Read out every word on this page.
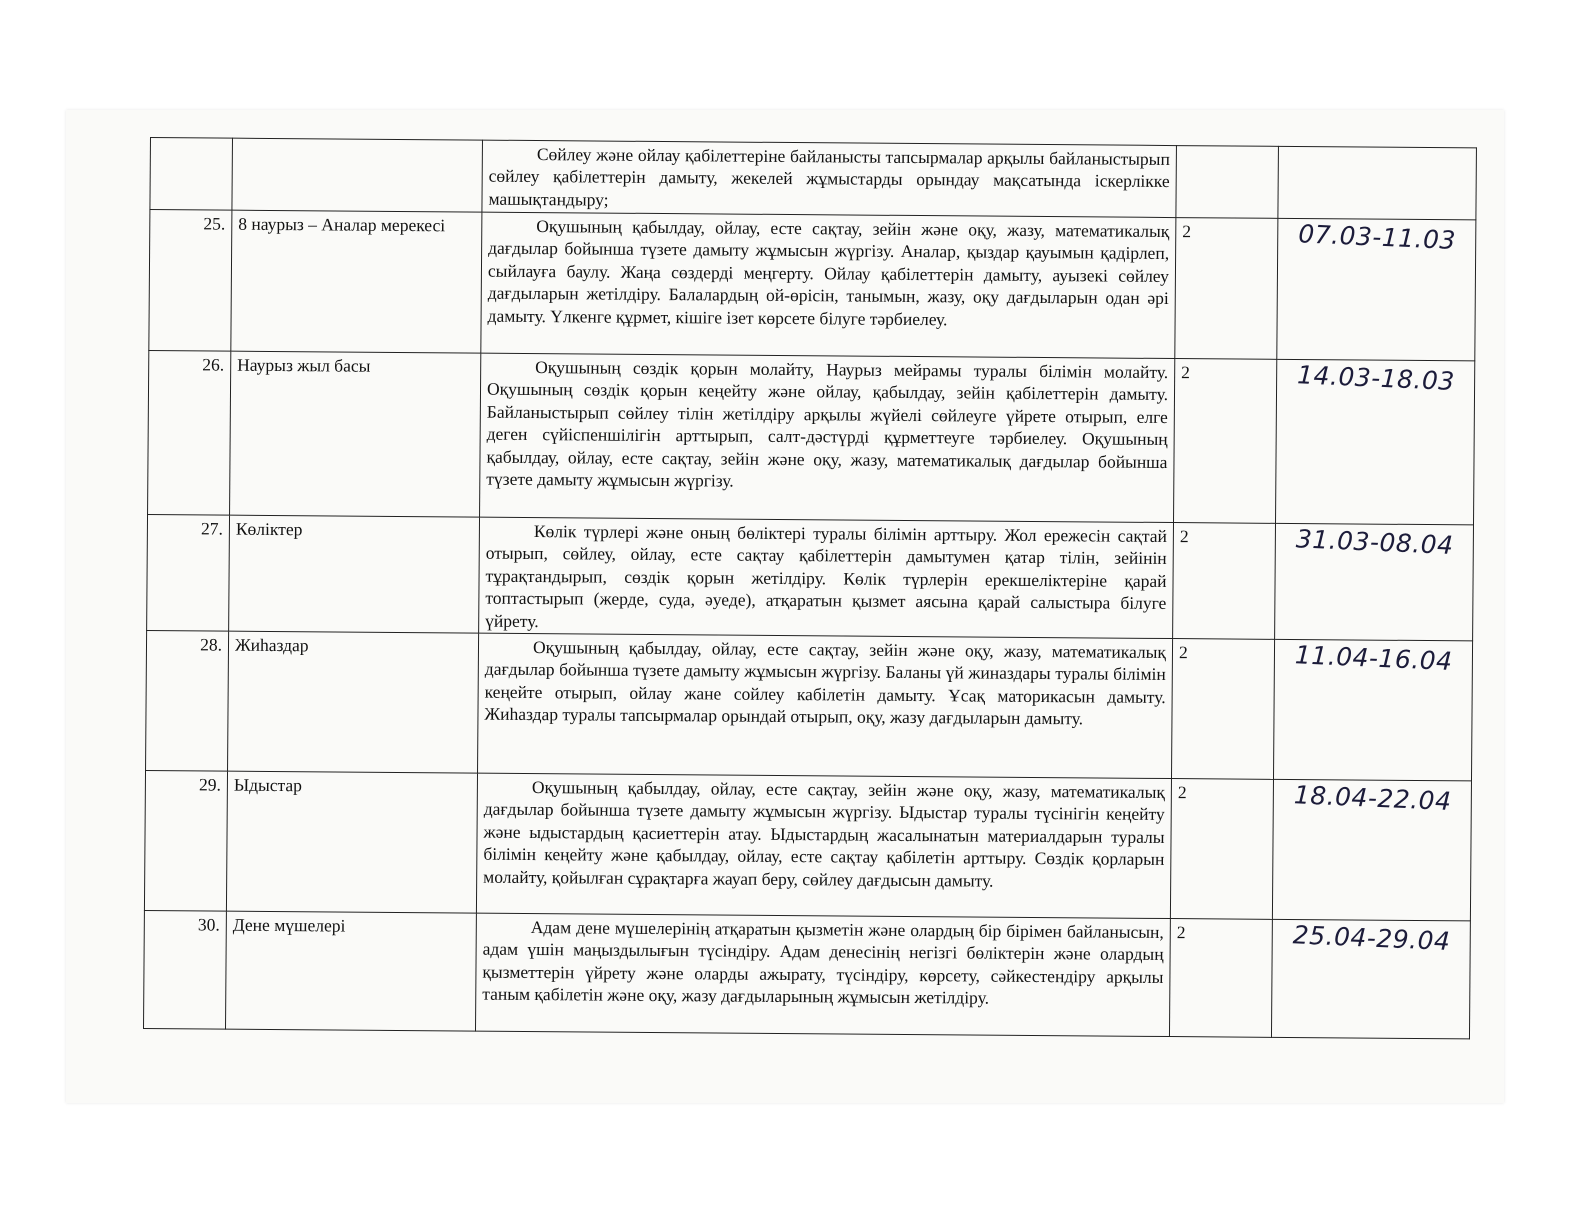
		Сөйлеу және ойлау қабілеттеріне байланысты тапсырмалар арқылы байланыстырып сөйлеу қабілеттерін дамыту, жекелей жұмыстарды орындау мақсатында іскерлікке машықтандыру;		
25.	8 наурыз – Аналар мерекесі	Оқушының қабылдау, ойлау, есте сақтау, зейін және оқу, жазу, математикалық дағдылар бойынша түзете дамыту жұмысын жүргізу. Аналар, қыздар қауымын қадірлеп, сыйлауға баулу. Жаңа сөздерді меңгерту. Ойлау қабілеттерін дамыту, ауызекі сөйлеу дағдыларын жетілдіру. Балалардың ой-өрісін, танымын, жазу, оқу дағдыларын одан әрі дамыту. Үлкенге құрмет, кішіге ізет көрсете білуге тәрбиелеу.	2	07.03-11.03
26.	Наурыз жыл басы	Оқушының сөздік қорын молайту, Наурыз мейрамы туралы білімін молайту. Оқушының сөздік қорын кеңейту және ойлау, қабылдау, зейін қабілеттерін дамыту. Байланыстырып сөйлеу тілін жетілдіру арқылы жүйелі сөйлеуге үйрете отырып, елге деген сүйіспеншілігін арттырып, салт-дәстүрді құрметтеуге тәрбиелеу. Оқушының қабылдау, ойлау, есте сақтау, зейін және оқу, жазу, математикалық дағдылар бойынша түзете дамыту жұмысын жүргізу.	2	14.03-18.03
27.	Көліктер	Көлік түрлері және оның бөліктері туралы білімін арттыру. Жол ережесін сақтай отырып, сөйлеу, ойлау, есте сақтау қабілеттерін дамытумен қатар тілін, зейінін тұрақтандырып, сөздік қорын жетілдіру. Көлік түрлерін ерекшеліктеріне қарай топтастырып (жерде, суда, әуеде), атқаратын қызмет аясына қарай салыстыра білуге үйрету.	2	31.03-08.04
28.	Жиһаздар	Оқушының қабылдау, ойлау, есте сақтау, зейін және оқу, жазу, математикалық дағдылар бойынша түзете дамыту жұмысын жүргізу. Баланы үй жиназдары туралы білімін кеңейте отырып, ойлау жане сойлеу кабілетін дамыту. Ұсақ маторикасын дамыту. Жиһаздар туралы тапсырмалар орындай отырып, оқу, жазу дағдыларын дамыту.	2	11.04-16.04
29.	Ыдыстар	Оқушының қабылдау, ойлау, есте сақтау, зейін және оқу, жазу, математикалық дағдылар бойынша түзете дамыту жұмысын жүргізу. Ыдыстар туралы түсінігін кеңейту және ыдыстардың қасиеттерін атау. Ыдыстардың жасалынатын материалдарын туралы білімін кеңейту және қабылдау, ойлау, есте сақтау қабілетін арттыру. Сөздік қорларын молайту, қойылған сұрақтарға жауап беру, сөйлеу дағдысын дамыту.	2	18.04-22.04
30.	Дене мүшелері	Адам дене мүшелерінің атқаратын қызметін және олардың бір бірімен байланысын, адам үшін маңыздылығын түсіндіру. Адам денесінің негізгі бөліктерін және олардың қызметтерін үйрету және оларды ажырату, түсіндіру, көрсету, сәйкестендіру арқылы таным қабілетін және оқу, жазу дағдыларының жұмысын жетілдіру.	2	25.04-29.04
